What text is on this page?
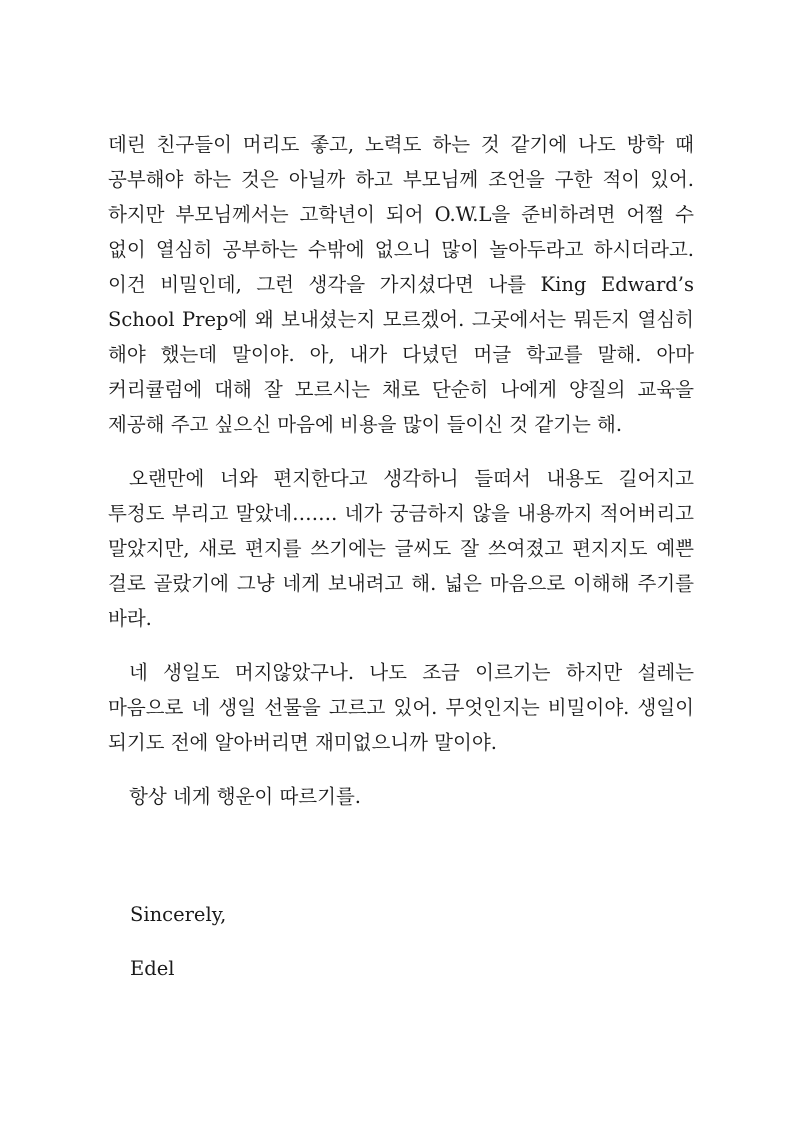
데린 친구들이 머리도 좋고, 노력도 하는 것 같기에 나도 방학 때 공부해야 하는 것은 아닐까 하고 부모님께 조언을 구한 적이 있어. 하지만 부모님께서는 고학년이 되어 O.W.L을 준비하려면 어쩔 수 없이 열심히 공부하는 수밖에 없으니 많이 놀아두라고 하시더라고. 이건 비밀인데, 그런 생각을 가지셨다면 나를 King Edward’s School Prep에 왜 보내셨는지 모르겠어. 그곳에서는 뭐든지 열심히 해야 했는데 말이야. 아, 내가 다녔던 머글 학교를 말해. 아마 커리큘럼에 대해 잘 모르시는 채로 단순히 나에게 양질의 교육을 제공해 주고 싶으신 마음에 비용을 많이 들이신 것 같기는 해.

오랜만에 너와 편지한다고 생각하니 들떠서 내용도 길어지고 투정도 부리고 말았네……. 네가 궁금하지 않을 내용까지 적어버리고 말았지만, 새로 편지를 쓰기에는 글씨도 잘 쓰여졌고 편지지도 예쁜 걸로 골랐기에 그냥 네게 보내려고 해. 넓은 마음으로 이해해 주기를 바라.

네 생일도 머지않았구나. 나도 조금 이르기는 하지만 설레는 마음으로 네 생일 선물을 고르고 있어. 무엇인지는 비밀이야. 생일이 되기도 전에 알아버리면 재미없으니까 말이야.

항상 네게 행운이 따르기를.

Sincerely,

Edel
